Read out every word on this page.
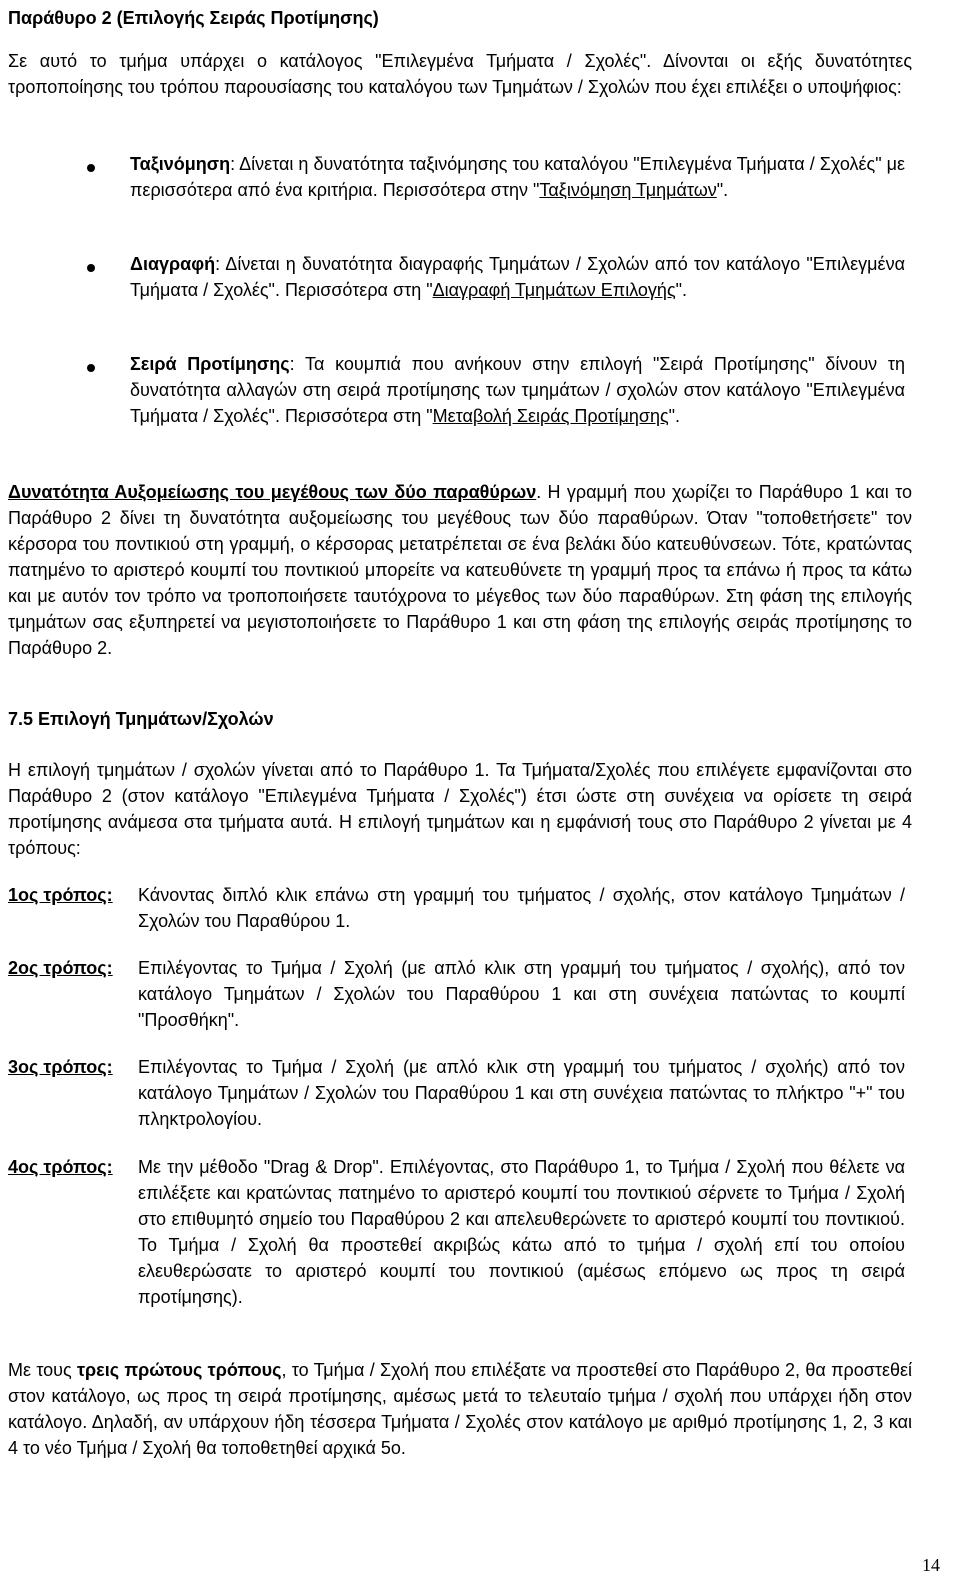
Παράθυρο 2 (Επιλογής Σειράς Προτίμησης)
Σε αυτό το τμήμα υπάρχει ο κατάλογος "Επιλεγμένα Τμήματα / Σχολές". Δίνονται οι εξής δυνατότητες τροποποίησης του τρόπου παρουσίασης του καταλόγου των Τμημάτων / Σχολών που έχει επιλέξει ο υποψήφιος:
Ταξινόμηση: Δίνεται η δυνατότητα ταξινόμησης του καταλόγου "Επιλεγμένα Τμήματα / Σχολές" με περισσότερα από ένα κριτήρια. Περισσότερα στην "Ταξινόμηση Τμημάτων".
Διαγραφή: Δίνεται η δυνατότητα διαγραφής Τμημάτων / Σχολών από τον κατάλογο "Επιλεγμένα Τμήματα / Σχολές". Περισσότερα στη "Διαγραφή Τμημάτων Επιλογής".
Σειρά Προτίμησης: Τα κουμπιά που ανήκουν στην επιλογή "Σειρά Προτίμησης" δίνουν τη δυνατότητα αλλαγών στη σειρά προτίμησης των τμημάτων / σχολών στον κατάλογο "Επιλεγμένα Τμήματα / Σχολές". Περισσότερα στη "Μεταβολή Σειράς Προτίμησης".
Δυνατότητα Αυξομείωσης του μεγέθους των δύο παραθύρων. Η γραμμή που χωρίζει το Παράθυρο 1 και το Παράθυρο 2 δίνει τη δυνατότητα αυξομείωσης του μεγέθους των δύο παραθύρων. Όταν "τοποθετήσετε" τον κέρσορα του ποντικιού στη γραμμή, ο κέρσορας μετατρέπεται σε ένα βελάκι δύο κατευθύνσεων. Τότε, κρατώντας πατημένο το αριστερό κουμπί του ποντικιού μπορείτε να κατευθύνετε τη γραμμή προς τα επάνω ή προς τα κάτω και με αυτόν τον τρόπο να τροποποιήσετε ταυτόχρονα το μέγεθος των δύο παραθύρων. Στη φάση της επιλογής τμημάτων σας εξυπηρετεί να μεγιστοποιήσετε το Παράθυρο 1 και στη φάση της επιλογής σειράς προτίμησης το Παράθυρο 2.
7.5 Επιλογή Τμημάτων/Σχολών
Η επιλογή τμημάτων / σχολών γίνεται από το Παράθυρο 1. Τα Τμήματα/Σχολές που επιλέγετε εμφανίζονται στο Παράθυρο 2 (στον κατάλογο "Επιλεγμένα Τμήματα / Σχολές") έτσι ώστε στη συνέχεια να ορίσετε τη σειρά προτίμησης ανάμεσα στα τμήματα αυτά. Η επιλογή τμημάτων και η εμφάνισή τους στο Παράθυρο 2 γίνεται με 4 τρόπους:
1ος τρόπος: Κάνοντας διπλό κλικ επάνω στη γραμμή του τμήματος / σχολής, στον κατάλογο Τμημάτων / Σχολών του Παραθύρου 1.
2ος τρόπος: Επιλέγοντας το Τμήμα / Σχολή (με απλό κλικ στη γραμμή του τμήματος / σχολής), από τον κατάλογο Τμημάτων / Σχολών του Παραθύρου 1 και στη συνέχεια πατώντας το κουμπί "Προσθήκη".
3ος τρόπος: Επιλέγοντας το Τμήμα / Σχολή (με απλό κλικ στη γραμμή του τμήματος / σχολής) από τον κατάλογο Τμημάτων / Σχολών του Παραθύρου 1 και στη συνέχεια πατώντας το πλήκτρο "+" του πληκτρολογίου.
4ος τρόπος: Με την μέθοδο "Drag & Drop". Επιλέγοντας, στο Παράθυρο 1, το Τμήμα / Σχολή που θέλετε να επιλέξετε και κρατώντας πατημένο το αριστερό κουμπί του ποντικιού σέρνετε το Τμήμα / Σχολή στο επιθυμητό σημείο του Παραθύρου 2 και απελευθερώνετε το αριστερό κουμπί του ποντικιού. Το Τμήμα / Σχολή θα προστεθεί ακριβώς κάτω από το τμήμα / σχολή επί του οποίου ελευθερώσατε το αριστερό κουμπί του ποντικιού (αμέσως επόμενο ως προς τη σειρά προτίμησης).
Με τους τρεις πρώτους τρόπους, το Τμήμα / Σχολή που επιλέξατε να προστεθεί στο Παράθυρο 2, θα προστεθεί στον κατάλογο, ως προς τη σειρά προτίμησης, αμέσως μετά το τελευταίο τμήμα / σχολή που υπάρχει ήδη στον κατάλογο. Δηλαδή, αν υπάρχουν ήδη τέσσερα Τμήματα / Σχολές στον κατάλογο με αριθμό προτίμησης 1, 2, 3 και 4 το νέο Τμήμα / Σχολή θα τοποθετηθεί αρχικά 5ο.
14
